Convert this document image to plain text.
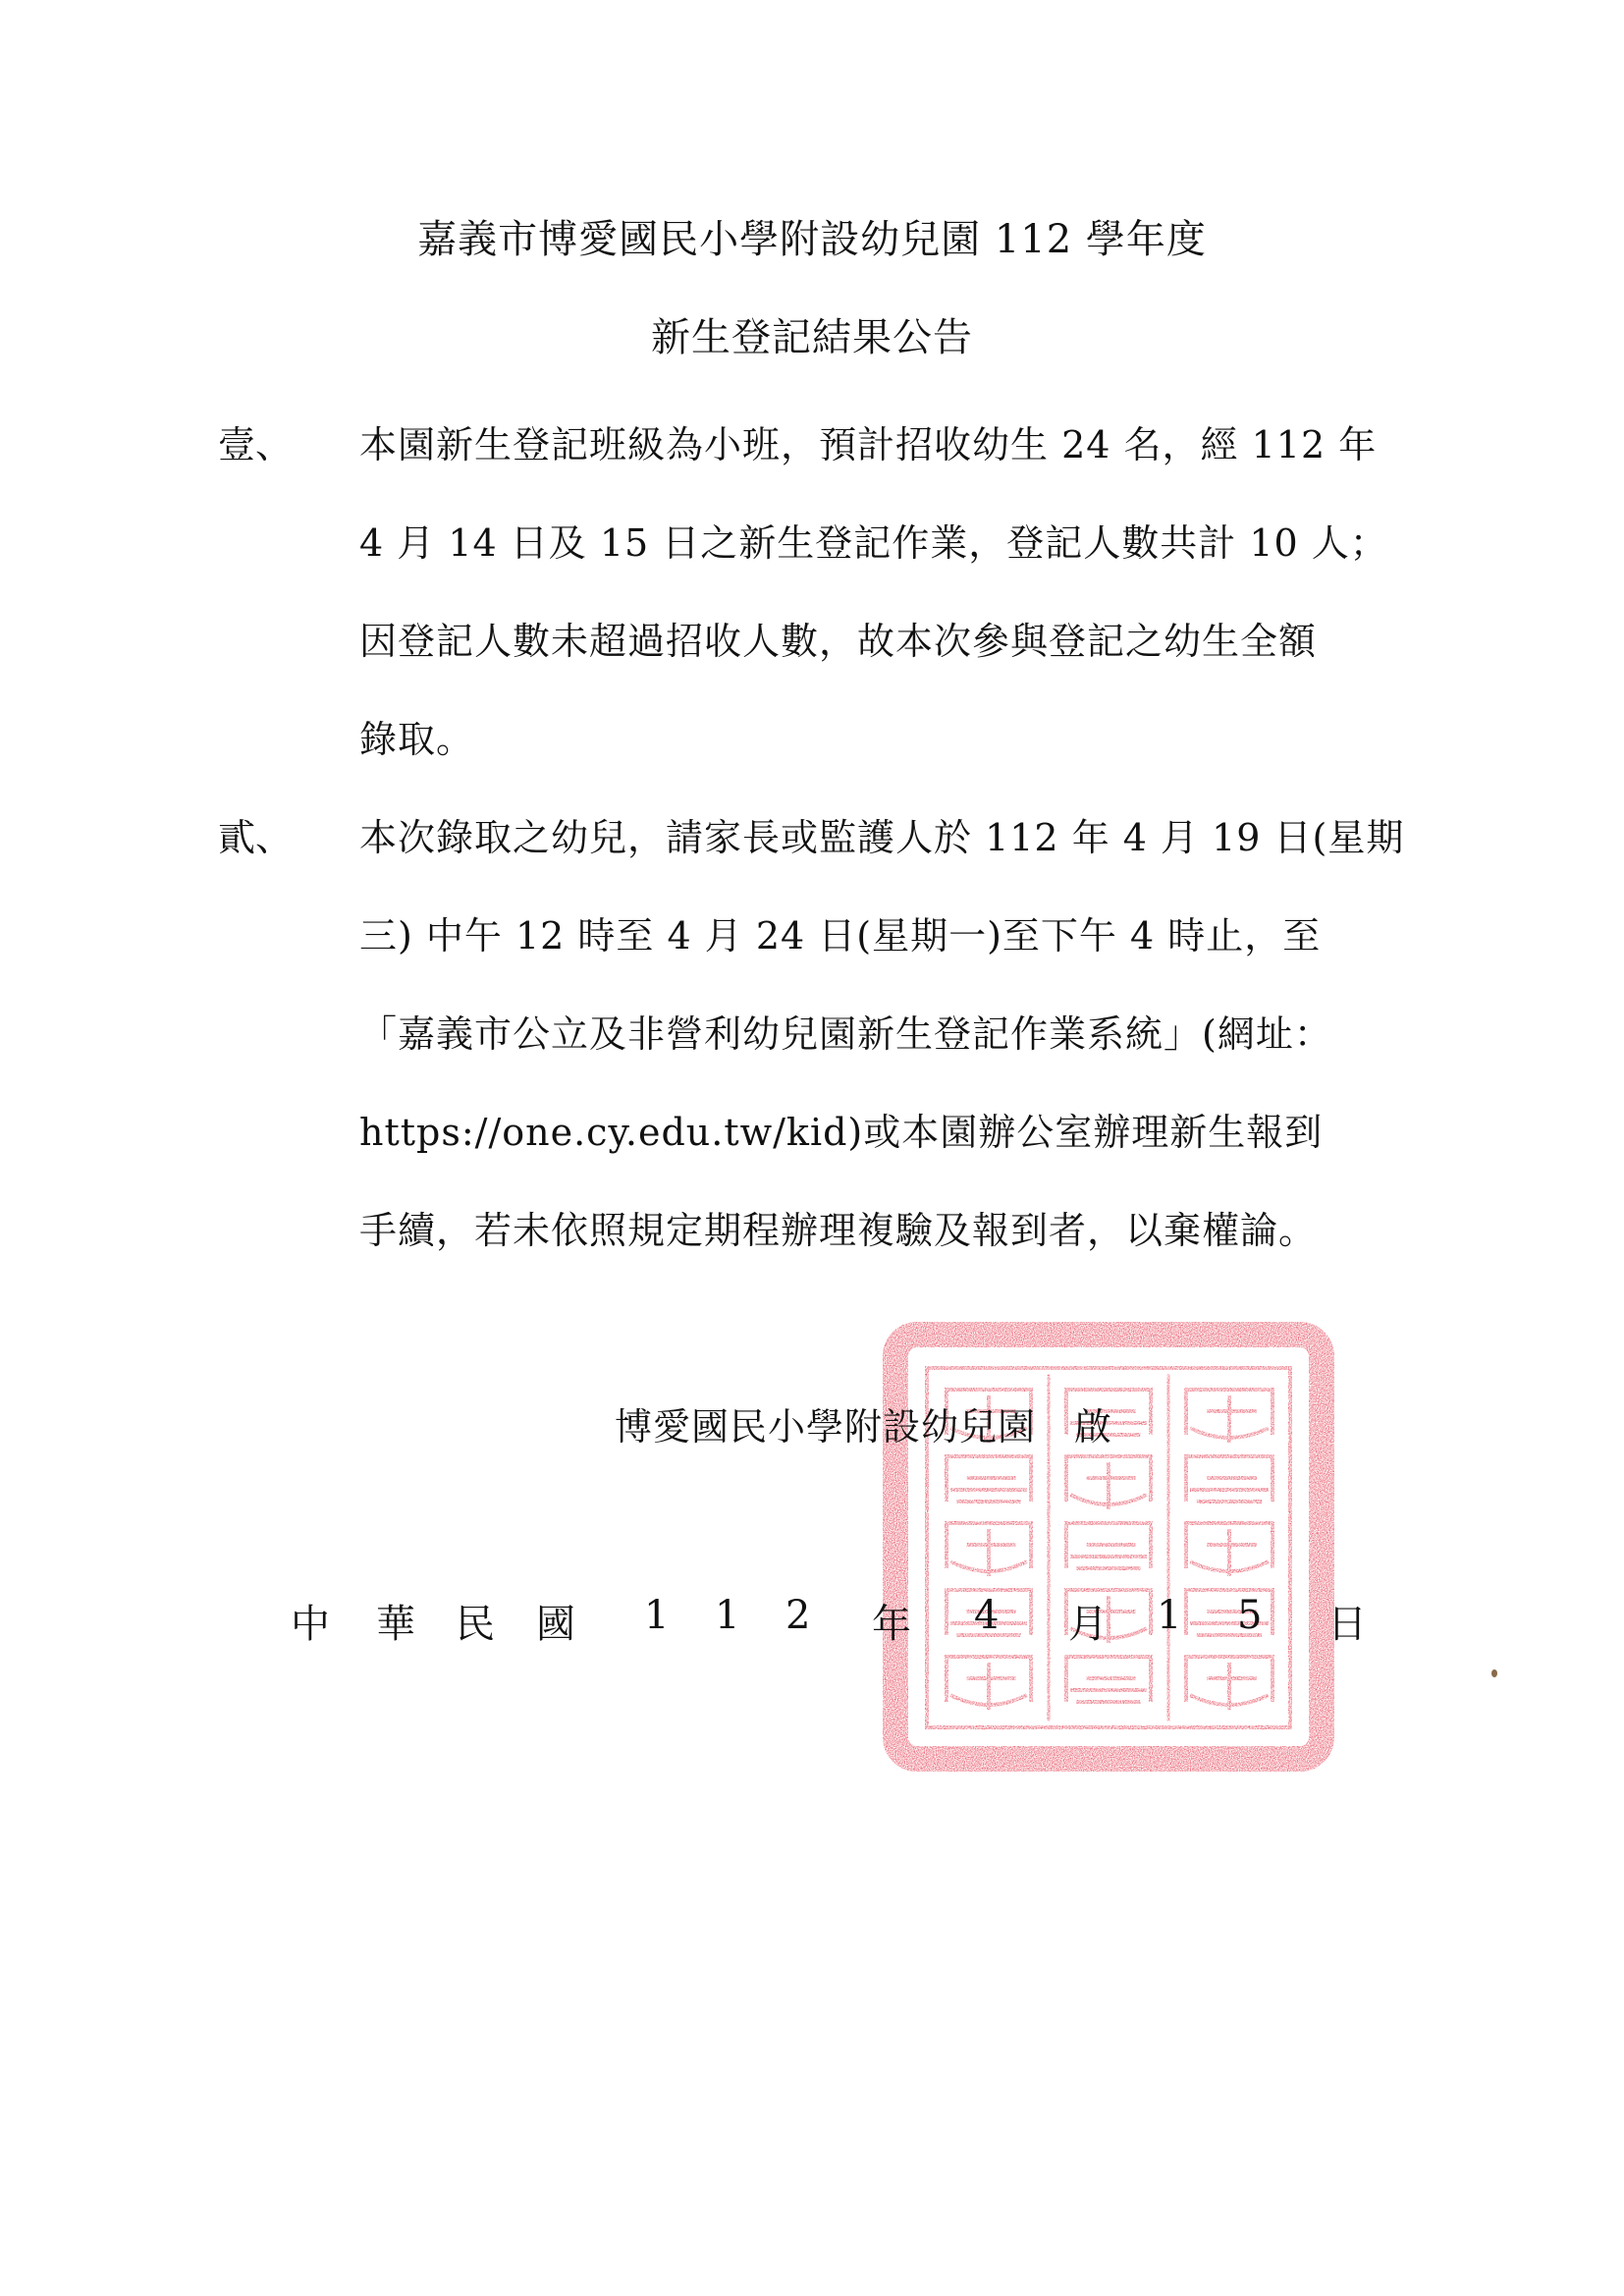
嘉義市博愛國民小學附設幼兒園 112 學年度
新生登記結果公告
壹、 本園新生登記班級為小班，預計招收幼生 24 名，經 112 年
4 月 14 日及 15 日之新生登記作業，登記人數共計 10 人；
因登記人數未超過招收人數，故本次參與登記之幼生全額
錄取。
貳、 本次錄取之幼兒，請家長或監護人於 112 年 4 月 19 日(星期
三) 中午 12 時至 4 月 24 日(星期一)至下午 4 時止，至
「嘉義市公立及非營利幼兒園新生登記作業系統」(網址：
https://one.cy.edu.tw/kid)或本園辦公室辦理新生報到
手續，若未依照規定期程辦理複驗及報到者，以棄權論。
博愛國民小學附設幼兒園　啟
中 華 民 國 1 1 2 年 4 月 1 5 日
